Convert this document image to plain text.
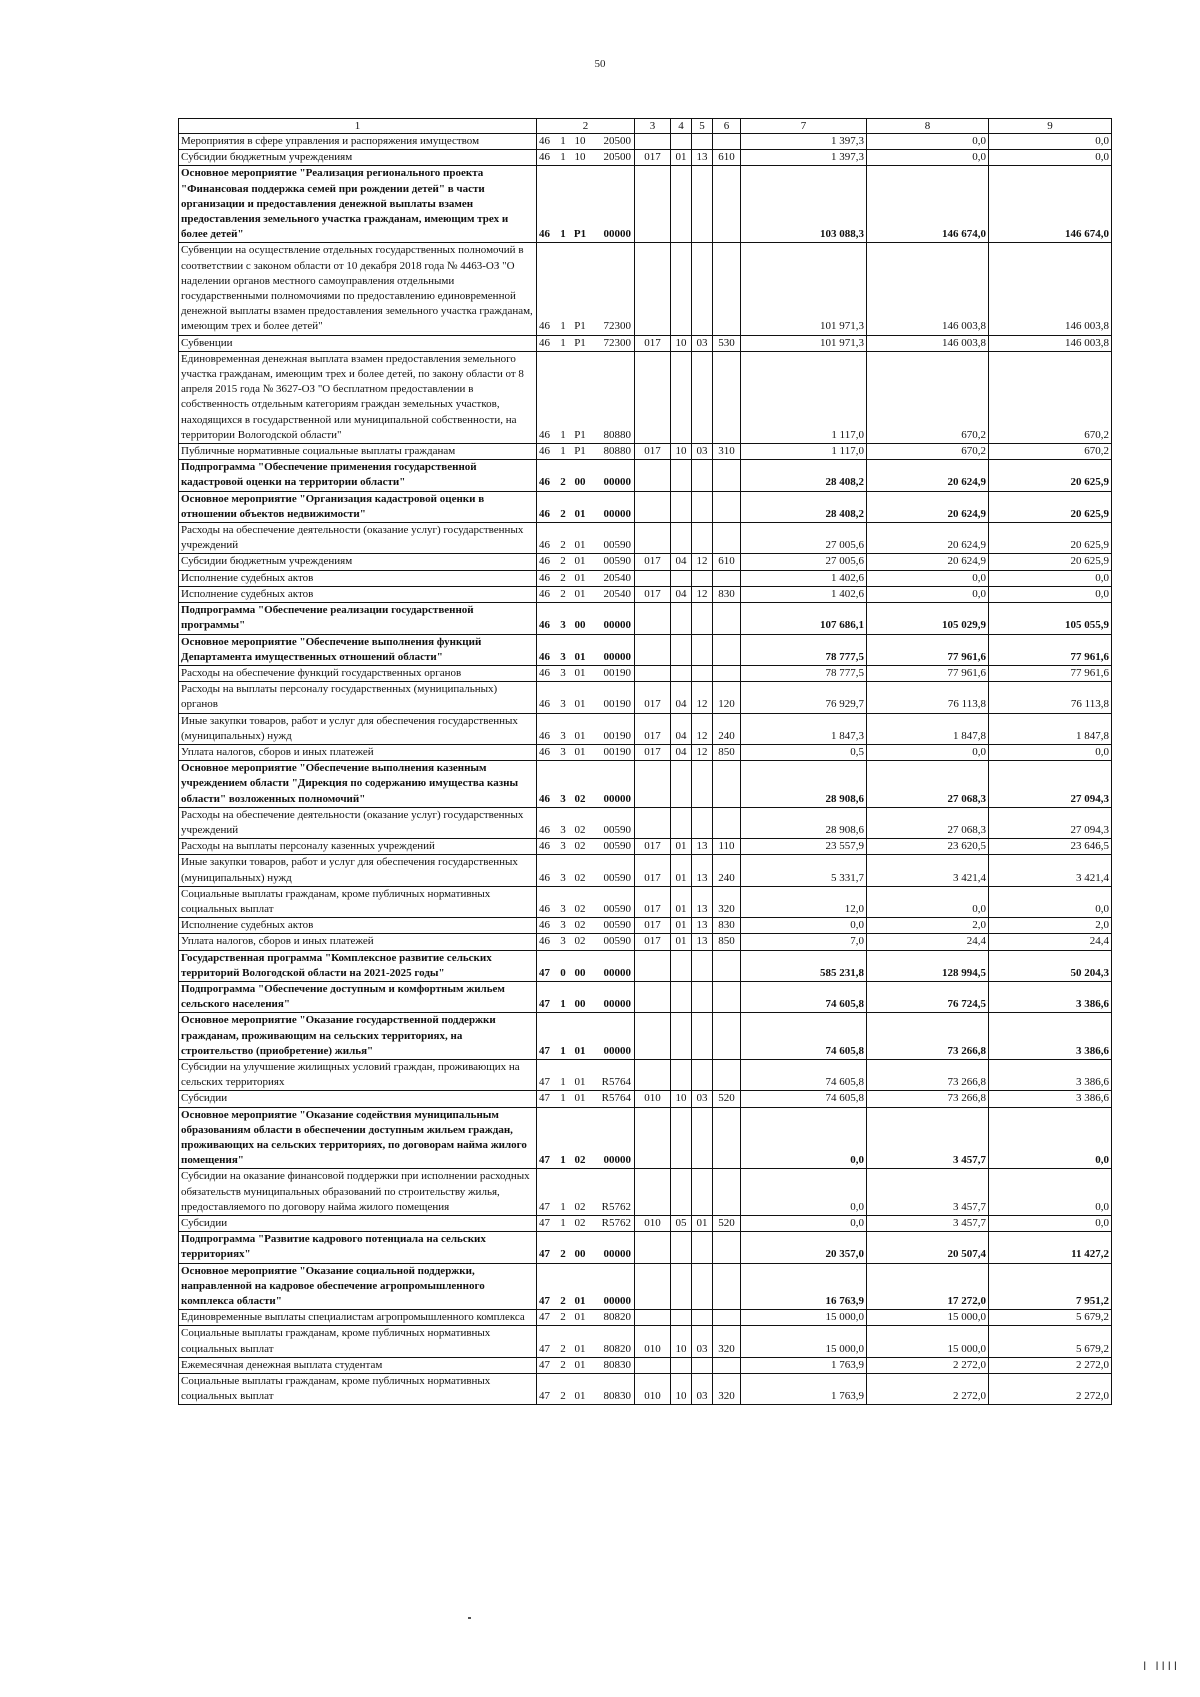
50
1	2	3	4	5	6	7	8	9
Мероприятия в сфере управления и распоряжения имуществом	46 1 10 20500					1 397,3	0,0	0,0
Субсидии бюджетным учреждениям	46 1 10 20500	017	01	13	610	1 397,3	0,0	0,0
Основное мероприятие "Реализация регионального проекта "Финансовая поддержка семей при рождении детей" в части организации и предоставления денежной выплаты взамен предоставления земельного участка гражданам, имеющим трех и более детей"	46 1 P1 00000					103 088,3	146 674,0	146 674,0
Субвенции на осуществление отдельных государственных полномочий в соответствии с законом области от 10 декабря 2018 года № 4463-ОЗ "О наделении органов местного самоуправления отдельными государственными полномочиями по предоставлению единовременной денежной выплаты взамен предоставления земельного участка гражданам, имеющим трех и более детей"	46 1 P1 72300					101 971,3	146 003,8	146 003,8
Субвенции	46 1 P1 72300	017	10	03	530	101 971,3	146 003,8	146 003,8
Единовременная денежная выплата взамен предоставления земельного участка гражданам, имеющим трех и более детей, по закону области от 8 апреля 2015 года № 3627-ОЗ "О бесплатном предоставлении в собственность отдельным категориям граждан земельных участков, находящихся в государственной или муниципальной собственности, на территории Вологодской области"	46 1 P1 80880					1 117,0	670,2	670,2
Публичные нормативные социальные выплаты гражданам	46 1 P1 80880	017	10	03	310	1 117,0	670,2	670,2
Подпрограмма "Обеспечение применения государственной кадастровой оценки на территории области"	46 2 00 00000					28 408,2	20 624,9	20 625,9
Основное мероприятие "Организация кадастровой оценки в отношении объектов недвижимости"	46 2 01 00000					28 408,2	20 624,9	20 625,9
Расходы на обеспечение деятельности (оказание услуг) государственных учреждений	46 2 01 00590					27 005,6	20 624,9	20 625,9
Субсидии бюджетным учреждениям	46 2 01 00590	017	04	12	610	27 005,6	20 624,9	20 625,9
Исполнение судебных актов	46 2 01 20540					1 402,6	0,0	0,0
Исполнение судебных актов	46 2 01 20540	017	04	12	830	1 402,6	0,0	0,0
Подпрограмма "Обеспечение реализации государственной программы"	46 3 00 00000					107 686,1	105 029,9	105 055,9
Основное мероприятие "Обеспечение выполнения функций Департамента имущественных отношений области"	46 3 01 00000					78 777,5	77 961,6	77 961,6
Расходы на обеспечение функций государственных органов	46 3 01 00190					78 777,5	77 961,6	77 961,6
Расходы на выплаты персоналу государственных (муниципальных) органов	46 3 01 00190	017	04	12	120	76 929,7	76 113,8	76 113,8
Иные закупки товаров, работ и услуг для обеспечения государственных (муниципальных) нужд	46 3 01 00190	017	04	12	240	1 847,3	1 847,8	1 847,8
Уплата налогов, сборов и иных платежей	46 3 01 00190	017	04	12	850	0,5	0,0	0,0
Основное мероприятие "Обеспечение выполнения казенным учреждением области "Дирекция по содержанию имущества казны области" возложенных полномочий"	46 3 02 00000					28 908,6	27 068,3	27 094,3
Расходы на обеспечение деятельности (оказание услуг) государственных учреждений	46 3 02 00590					28 908,6	27 068,3	27 094,3
Расходы на выплаты персоналу казенных учреждений	46 3 02 00590	017	01	13	110	23 557,9	23 620,5	23 646,5
Иные закупки товаров, работ и услуг для обеспечения государственных (муниципальных) нужд	46 3 02 00590	017	01	13	240	5 331,7	3 421,4	3 421,4
Социальные выплаты гражданам, кроме публичных нормативных социальных выплат	46 3 02 00590	017	01	13	320	12,0	0,0	0,0
Исполнение судебных актов	46 3 02 00590	017	01	13	830	0,0	2,0	2,0
Уплата налогов, сборов и иных платежей	46 3 02 00590	017	01	13	850	7,0	24,4	24,4
Государственная программа "Комплексное развитие сельских территорий Вологодской области на 2021-2025 годы"	47 0 00 00000					585 231,8	128 994,5	50 204,3
Подпрограмма "Обеспечение доступным и комфортным жильем сельского населения"	47 1 00 00000					74 605,8	76 724,5	3 386,6
Основное мероприятие "Оказание государственной поддержки гражданам, проживающим на сельских территориях, на строительство (приобретение) жилья"	47 1 01 00000					74 605,8	73 266,8	3 386,6
Субсидии на улучшение жилищных условий граждан, проживающих на сельских территориях	47 1 01 R5764					74 605,8	73 266,8	3 386,6
Субсидии	47 1 01 R5764	010	10	03	520	74 605,8	73 266,8	3 386,6
Основное мероприятие "Оказание содействия муниципальным образованиям области в обеспечении доступным жильем граждан, проживающих на сельских территориях, по договорам найма жилого помещения"	47 1 02 00000					0,0	3 457,7	0,0
Субсидии на оказание финансовой поддержки при исполнении расходных обязательств муниципальных образований по строительству жилья, предоставляемого по договору найма жилого помещения	47 1 02 R5762					0,0	3 457,7	0,0
Субсидии	47 1 02 R5762	010	05	01	520	0,0	3 457,7	0,0
Подпрограмма "Развитие кадрового потенциала на сельских территориях"	47 2 00 00000					20 357,0	20 507,4	11 427,2
Основное мероприятие "Оказание социальной поддержки, направленной на кадровое обеспечение агропромышленного комплекса области"	47 2 01 00000					16 763,9	17 272,0	7 951,2
Единовременные выплаты специалистам агропромышленного комплекса	47 2 01 80820					15 000,0	15 000,0	5 679,2
Социальные выплаты гражданам, кроме публичных нормативных социальных выплат	47 2 01 80820	010	10	03	320	15 000,0	15 000,0	5 679,2
Ежемесячная денежная выплата студентам	47 2 01 80830					1 763,9	2 272,0	2 272,0
Социальные выплаты гражданам, кроме публичных нормативных социальных выплат	47 2 01 80830	010	10	03	320	1 763,9	2 272,0	2 272,0
ǀ ǀǀǀǀ
